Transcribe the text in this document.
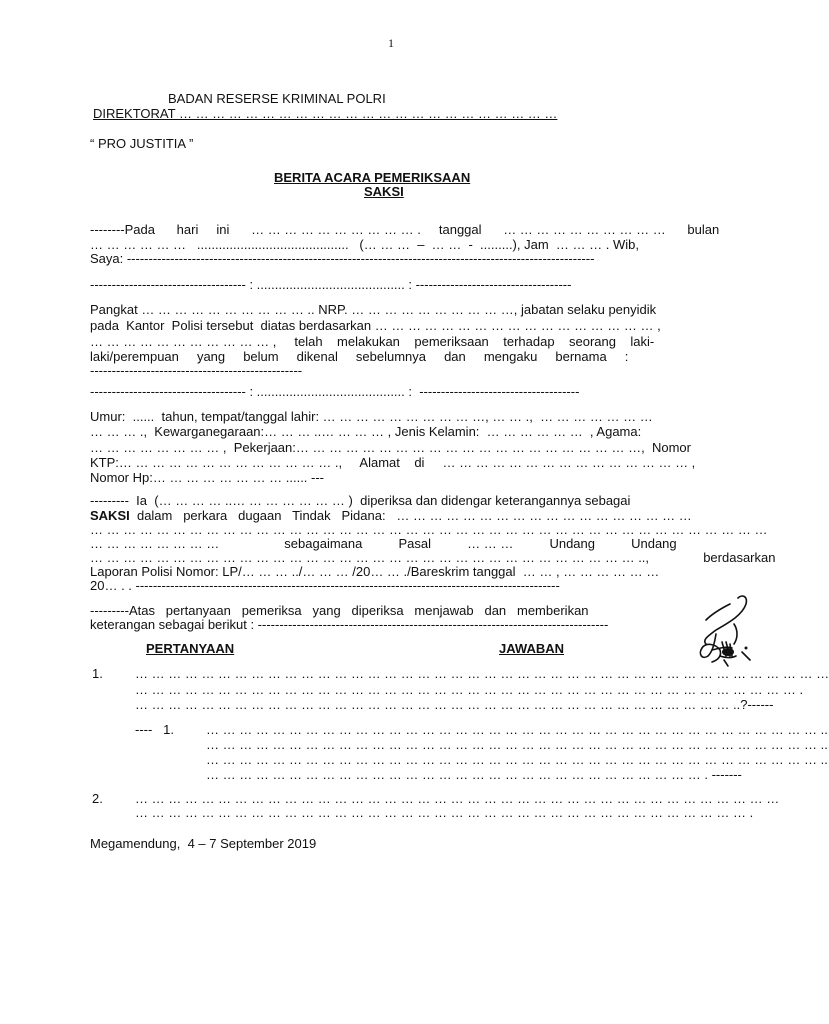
1
BADAN RESERSE KRIMINAL POLRI
DIREKTORAT … … … … … … … … … … … … … … … … … … … … … … …
“ PRO JUSTITIA ”
BERITA ACARA PEMERIKSAAN
SAKSI
--------Pada      hari     ini      … … … … … … … … … … .     tanggal      … … … … … … … … … …      bulan
… … … … … …   ..........................................   (… … …  –  … …  -  .........), Jam  … … … . Wib,
Saya: ------------------------------------------------------------------------------------------------------------
------------------------------------ : ......................................... : ------------------------------------
Pangkat … … … … … … … … … … .. NRP. … … … … … … … … … …, jabatan selaku penyidik
pada  Kantor  Polisi tersebut  diatas berdasarkan … … … … … … … … … … … … … … … … … ,
… … … … … … … … … … … ,     telah    melakukan    pemeriksaan    terhadap    seorang    laki-
laki/perempuan     yang     belum     dikenal     sebelumnya     dan     mengaku     bernama     :
-------------------------------------------------
------------------------------------ : ......................................... :  -------------------------------------
Umur:  ......  tahun, tempat/tanggal lahir: … … … … … … … … … …, … … .,  … … … … … … …
… … … .,  Kewarganegaraan:… … … ..… … … … , Jenis Kelamin:  … … … … … …  , Agama:
… … … … … … … … ,  Pekerjaan:… … … … … … … … … … … … … … … … … … … … …,  Nomor
KTP:… … … … … … … … … … … … … .,     Alamat    di     … … … … … … … … … … … … … … … ,
Nomor Hp:… … … … … … … … ...... ---
---------  Ia  (… … … … ..… … … … … … … )  diperiksa dan didengar keterangannya sebagai
SAKSI  dalam   perkara   dugaan   Tindak   Pidana:   … … … … … … … … … … … … … … … … … …
… … … … … … … … … … … … … … … … … … … … … … … … … … … … … … … … … … … … … … … … …
… … … … … … … …                  sebagaimana          Pasal          … … …          Undang          Undang
… … … … … … … … … … … … … … … … … … … … … … … … … … … … … … … … … ..,               berdasarkan
Laporan Polisi Nomor: LP/… … … ../… … … /20… … ./Bareskrim tanggal  … … , … … … … … …
20… . . --------------------------------------------------------------------------------------------------
---------Atas   pertanyaan   pemeriksa   yang   diperiksa   menjawab   dan   memberikan
keterangan sebagai berikut : ---------------------------------------------------------------------------------
PERTANYAAN	JAWABAN
1. … … … … … … … … … … … … … … … … … … … … … … … … … … … … … … … … … … … … … … … … … …
… … … … … … … … … … … … … … … … … … … … … … … … … … … … … … … … … … … … … … … … .
… … … … … … … … … … … … … … … … … … … … … … … … … … … … … … … … … … … … ..?------
----   1. … … … … … … … … … … … … … … … … … … … … … … … … … … … … … … … … … … … … … ..
… … … … … … … … … … … … … … … … … … … … … … … … … … … … … … … … … … … … … ..
… … … … … … … … … … … … … … … … … … … … … … … … … … … … … … … … … … … … … ..
… … … … … … … … … … … … … … … … … … … … … … … … … … … … … … . -------
2. … … … … … … … … … … … … … … … … … … … … … … … … … … … … … … … … … … … … … … …
… … … … … … … … … … … … … … … … … … … … … … … … … … … … … … … … … … … … … .
Megamendung,  4 – 7 September 2019
